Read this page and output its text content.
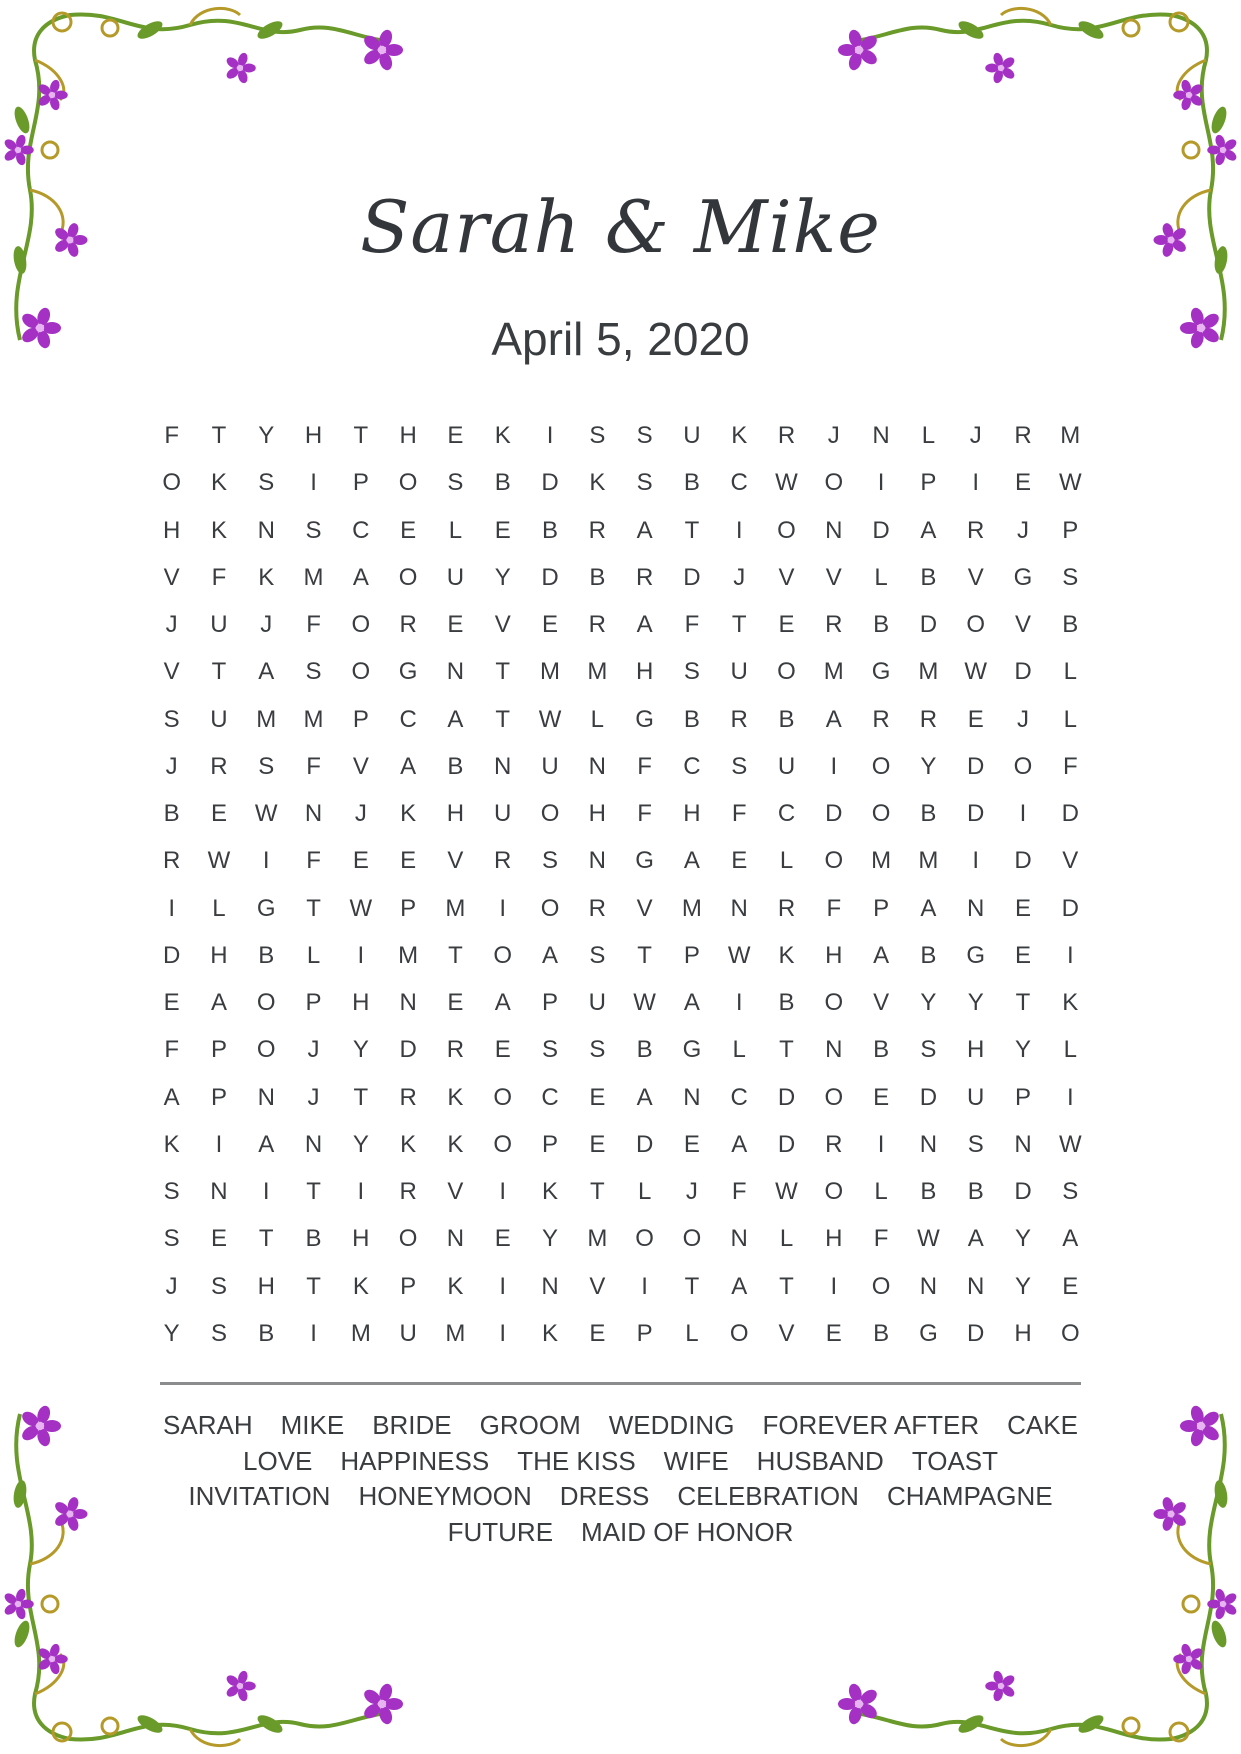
Sarah & Mike
April 5, 2020
F	T	Y	H	T	H	E	K	I	S	S	U	K	R	J	N	L	J	R	M
O	K	S	I	P	O	S	B	D	K	S	B	C	W	O	I	P	I	E	W
H	K	N	S	C	E	L	E	B	R	A	T	I	O	N	D	A	R	J	P
V	F	K	M	A	O	U	Y	D	B	R	D	J	V	V	L	B	V	G	S
J	U	J	F	O	R	E	V	E	R	A	F	T	E	R	B	D	O	V	B
V	T	A	S	O	G	N	T	M	M	H	S	U	O	M	G	M	W	D	L
S	U	M	M	P	C	A	T	W	L	G	B	R	B	A	R	R	E	J	L
J	R	S	F	V	A	B	N	U	N	F	C	S	U	I	O	Y	D	O	F
B	E	W	N	J	K	H	U	O	H	F	H	F	C	D	O	B	D	I	D
R	W	I	F	E	E	V	R	S	N	G	A	E	L	O	M	M	I	D	V
I	L	G	T	W	P	M	I	O	R	V	M	N	R	F	P	A	N	E	D
D	H	B	L	I	M	T	O	A	S	T	P	W	K	H	A	B	G	E	I
E	A	O	P	H	N	E	A	P	U	W	A	I	B	O	V	Y	Y	T	K
F	P	O	J	Y	D	R	E	S	S	B	G	L	T	N	B	S	H	Y	L
A	P	N	J	T	R	K	O	C	E	A	N	C	D	O	E	D	U	P	I
K	I	A	N	Y	K	K	O	P	E	D	E	A	D	R	I	N	S	N	W
S	N	I	T	I	R	V	I	K	T	L	J	F	W	O	L	B	B	D	S
S	E	T	B	H	O	N	E	Y	M	O	O	N	L	H	F	W	A	Y	A
J	S	H	T	K	P	K	I	N	V	I	T	A	T	I	O	N	N	Y	E
Y	S	B	I	M	U	M	I	K	E	P	L	O	V	E	B	G	D	H	O
SARAH MIKE BRIDE GROOM WEDDING FOREVER AFTER CAKE
LOVE HAPPINESS THE KISS WIFE HUSBAND TOAST
INVITATION HONEYMOON DRESS CELEBRATION CHAMPAGNE
FUTURE MAID OF HONOR
